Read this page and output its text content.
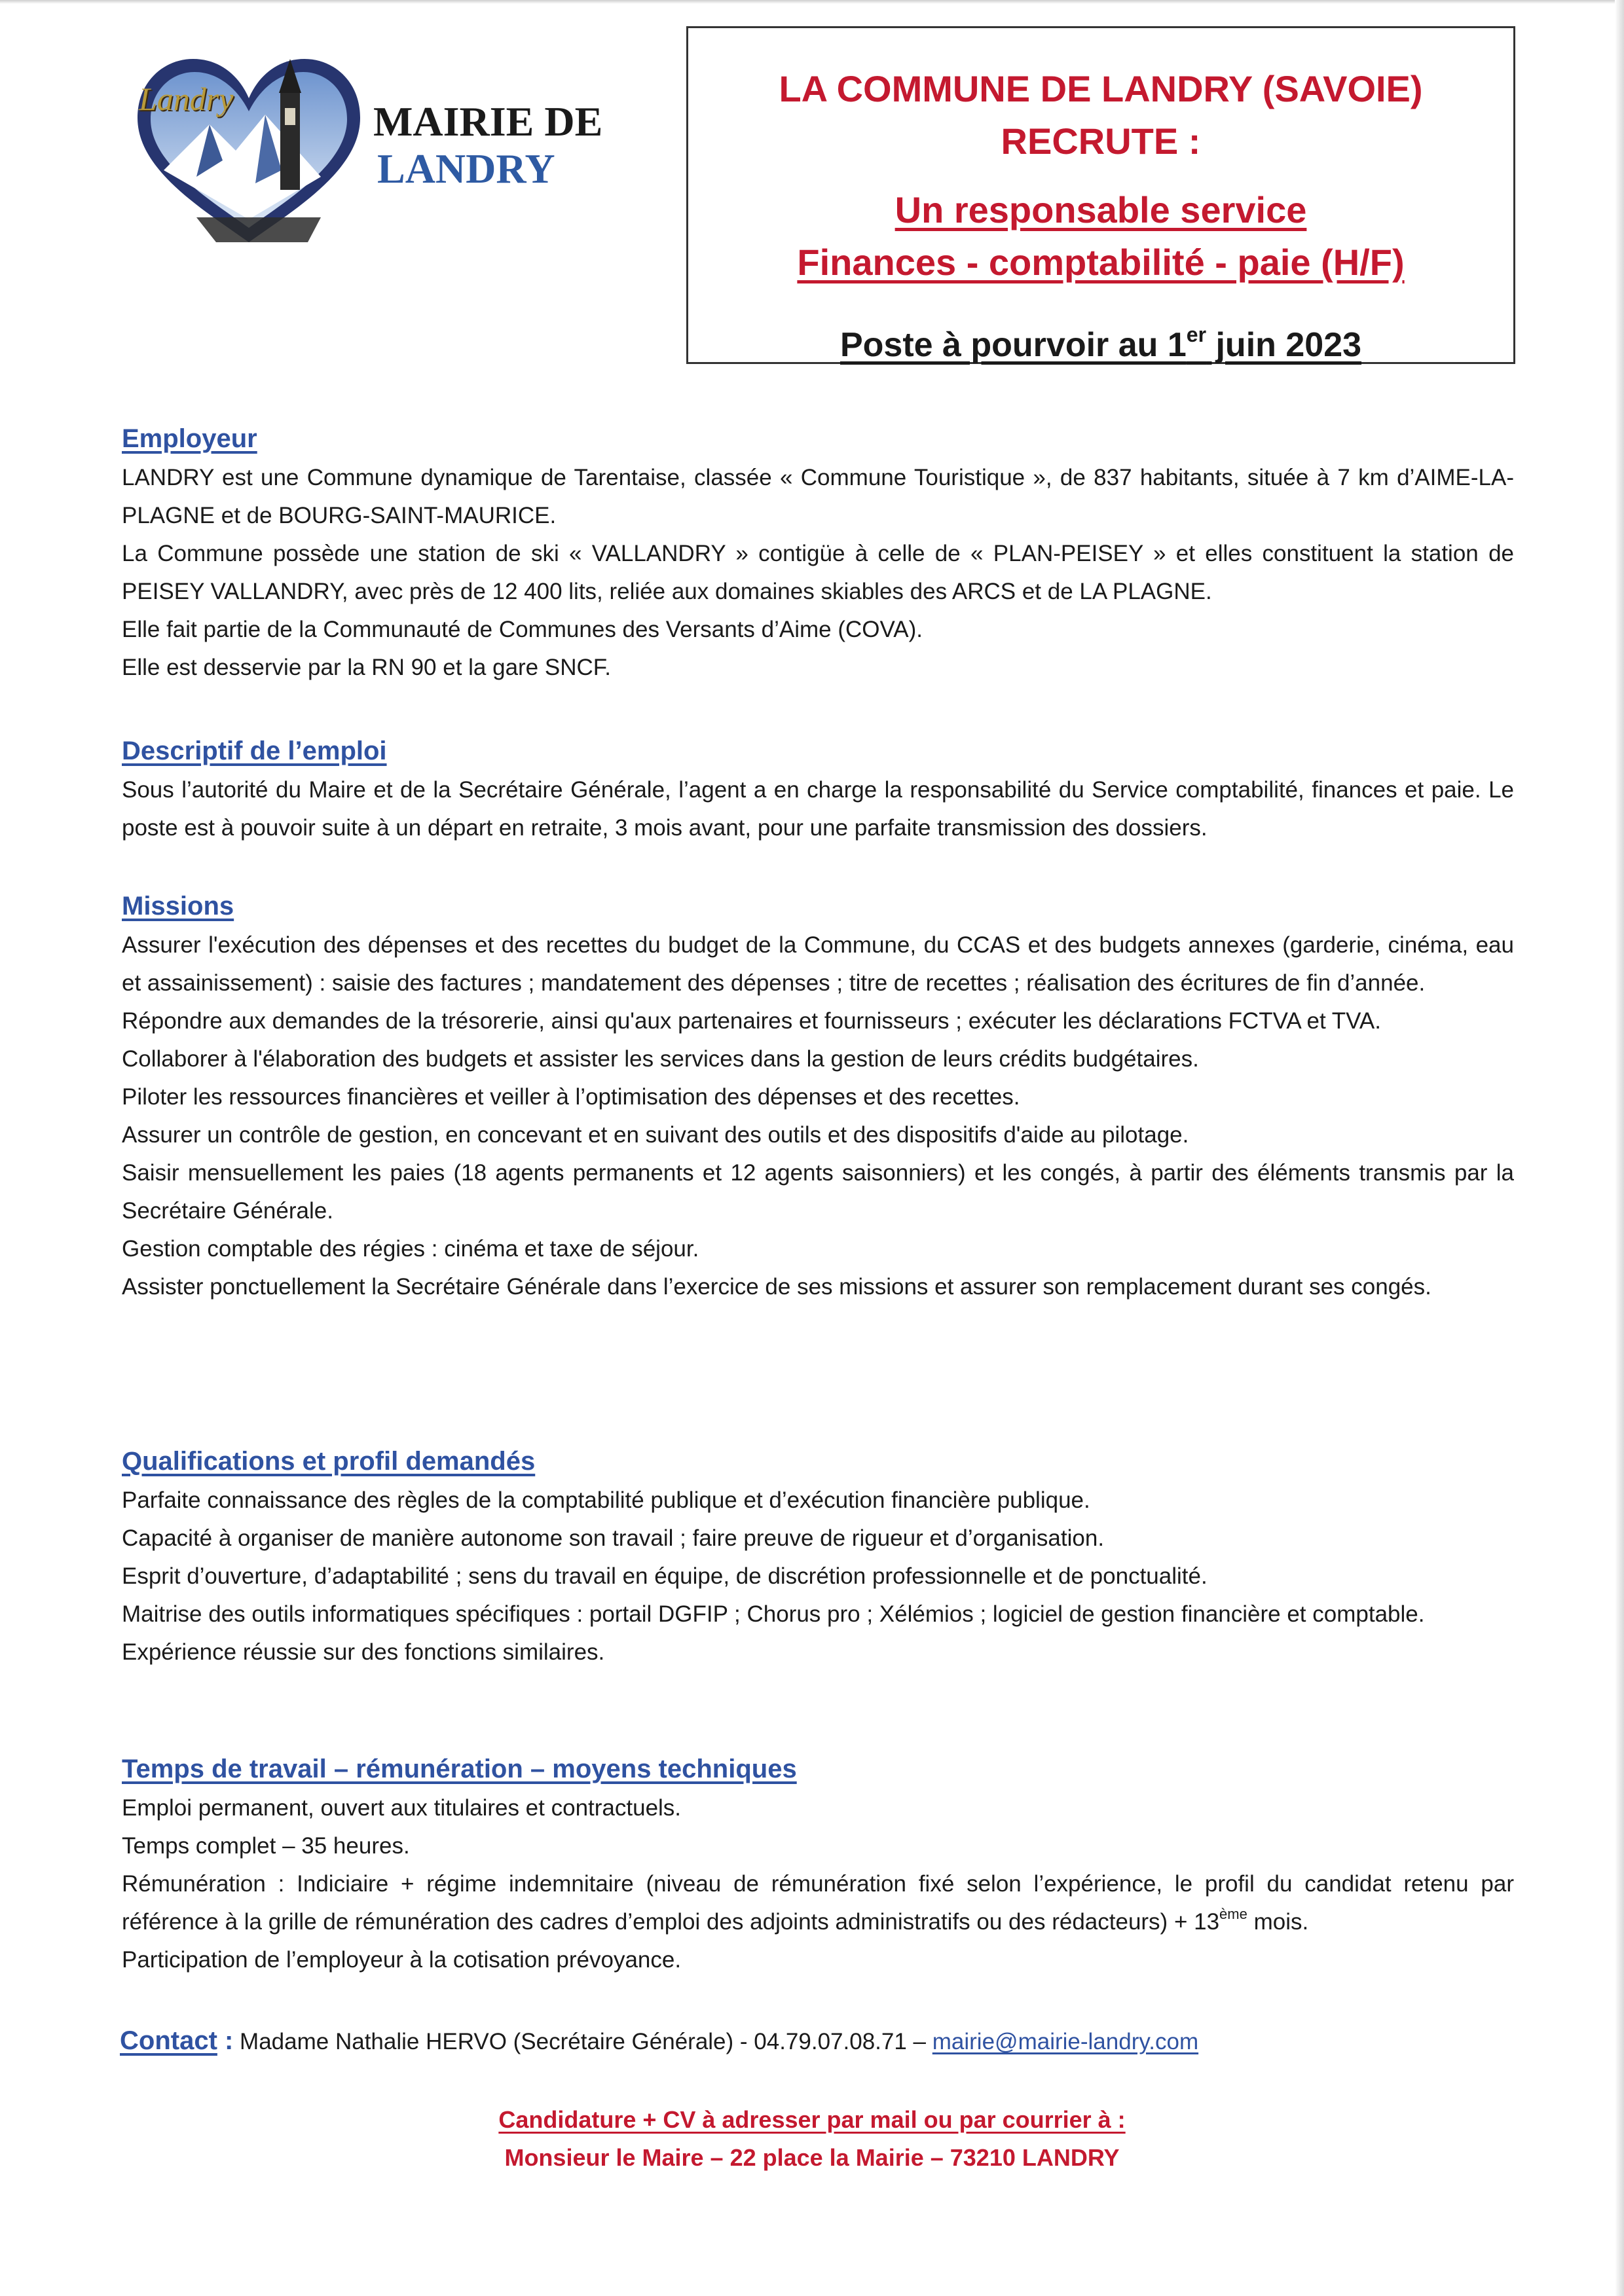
Landry	MAIRIE DE
LANDRY
LA COMMUNE DE LANDRY (SAVOIE)
RECRUTE :
Un responsable service
Finances - comptabilité - paie (H/F)
Poste à pourvoir au 1er juin 2023
Employeur

LANDRY est une Commune dynamique de Tarentaise, classée « Commune Touristique », de 837 habitants, située à 7 km d’AIME-LA-PLAGNE et de BOURG-SAINT-MAURICE.

La Commune possède une station de ski « VALLANDRY » contigüe à celle de « PLAN-PEISEY » et elles constituent la station de PEISEY VALLANDRY, avec près de 12 400 lits, reliée aux domaines skiables des ARCS et de LA PLAGNE.

Elle fait partie de la Communauté de Communes des Versants d’Aime (COVA).

Elle est desservie par la RN 90 et la gare SNCF.

Descriptif de l’emploi

Sous l’autorité du Maire et de la Secrétaire Générale, l’agent a en charge la responsabilité du Service comptabilité, finances et paie. Le poste est à pouvoir suite à un départ en retraite, 3 mois avant, pour une parfaite transmission des dossiers.

Missions

Assurer l'exécution des dépenses et des recettes du budget de la Commune, du CCAS et des budgets annexes (garderie, cinéma, eau et assainissement) : saisie des factures ; mandatement des dépenses ; titre de recettes ; réalisation des écritures de fin d’année.

Répondre aux demandes de la trésorerie, ainsi qu'aux partenaires et fournisseurs ; exécuter les déclarations FCTVA et TVA.

Collaborer à l'élaboration des budgets et assister les services dans la gestion de leurs crédits budgétaires.

Piloter les ressources financières et veiller à l’optimisation des dépenses et des recettes.

Assurer un contrôle de gestion, en concevant et en suivant des outils et des dispositifs d'aide au pilotage.

Saisir mensuellement les paies (18 agents permanents et 12 agents saisonniers) et les congés, à partir des éléments transmis par la Secrétaire Générale.

Gestion comptable des régies : cinéma et taxe de séjour.

Assister ponctuellement la Secrétaire Générale dans l’exercice de ses missions et assurer son remplacement durant ses congés.

Qualifications et profil demandés

Parfaite connaissance des règles de la comptabilité publique et d’exécution financière publique.

Capacité à organiser de manière autonome son travail ; faire preuve de rigueur et d’organisation.

Esprit d’ouverture, d’adaptabilité ; sens du travail en équipe, de discrétion professionnelle et de ponctualité.

Maitrise des outils informatiques spécifiques : portail DGFIP ; Chorus pro ; Xélémios ; logiciel de gestion financière et comptable.

Expérience réussie sur des fonctions similaires.

Temps de travail – rémunération – moyens techniques

Emploi permanent, ouvert aux titulaires et contractuels.

Temps complet – 35 heures.

Rémunération : Indiciaire + régime indemnitaire (niveau de rémunération fixé selon l’expérience, le profil du candidat retenu par référence à la grille de rémunération des cadres d’emploi des adjoints administratifs ou des rédacteurs) + 13ème mois.

Participation de l’employeur à la cotisation prévoyance.

Contact : Madame Nathalie HERVO (Secrétaire Générale) - 04.79.07.08.71 – mairie@mairie-landry.com
Candidature + CV à adresser par mail ou par courrier à :
Monsieur le Maire – 22 place la Mairie – 73210 LANDRY
